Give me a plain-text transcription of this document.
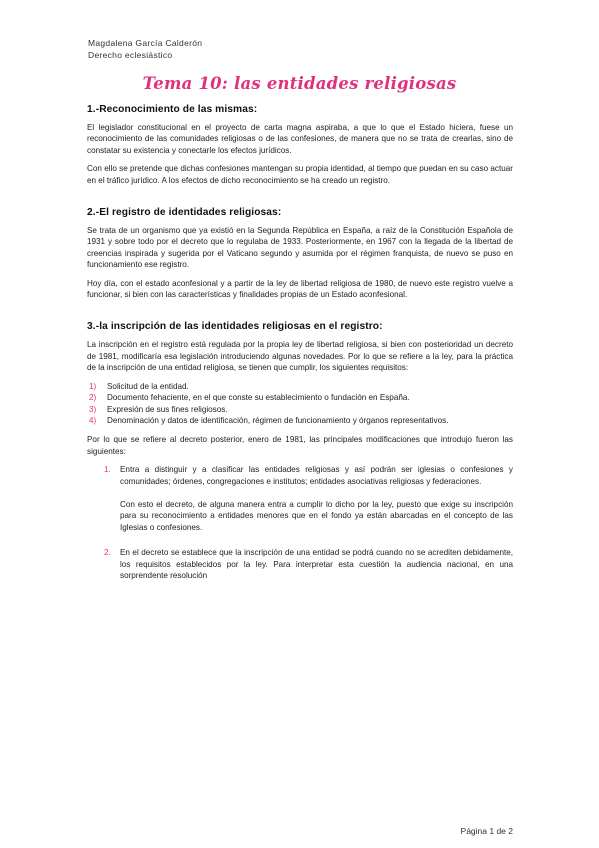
Magdalena García Calderón
Derecho eclesiástico
Tema 10: las entidades religiosas
1.-Reconocimiento de las mismas:

El legislador constitucional en el proyecto de carta magna aspiraba, a que lo que el Estado hiciera, fuese un reconocimiento de las comunidades religiosas o de las confesiones, de manera que no se trata de crearlas, sino de constatar su existencia y conectarle los efectos jurídicos.

Con ello se pretende que dichas confesiones mantengan su propia identidad, al tiempo que puedan en su caso actuar en el tráfico jurídico. A los efectos de dicho reconocimiento se ha creado un registro.

2.-El registro de identidades religiosas:

Se trata de un organismo que ya existió en la Segunda República en España, a raíz de la Constitución Española de 1931 y sobre todo por el decreto que lo regulaba de 1933. Posteriormente, en 1967 con la llegada de la libertad de creencias inspirada y sugerida por el Vaticano segundo y asumida por el régimen franquista, de nuevo se puso en funcionamiento ese registro.

Hoy día, con el estado aconfesional y a partir de la ley de libertad religiosa de 1980, de nuevo este registro vuelve a funcionar, si bien con las características y finalidades propias de un Estado aconfesional.

3.-la inscripción de las identidades religiosas en el registro:

La inscripción en el registro está regulada por la propia ley de libertad religiosa, si bien con posterioridad un decreto de 1981, modificaría esa legislación introduciendo algunas novedades. Por lo que se refiere a la ley, para la práctica de la inscripción de una entidad religiosa, se tienen que cumplir, los siguientes requisitos:

1) Solicitud de la entidad.
2) Documento fehaciente, en el que conste su establecimiento o fundación en España.
3) Expresión de sus fines religiosos.
4) Denominación y datos de identificación, régimen de funcionamiento y órganos representativos.

Por lo que se refiere al decreto posterior, enero de 1981, las principales modificaciones que introdujo fueron las siguientes:

1. Entra a distinguir y a clasificar las entidades religiosas y así podrán ser iglesias o confesiones y comunidades; órdenes, congregaciones e institutos; entidades asociativas religiosas y federaciones.

Con esto el decreto, de alguna manera entra a cumplir lo dicho por la ley, puesto que exige su inscripción para su reconocimiento a entidades menores que en el fondo ya están abarcadas en el concepto de las Iglesias o confesiones.

2. En el decreto se establece que la inscripción de una entidad se podrá cuando no se acrediten debidamente, los requisitos establecidos por la ley. Para interpretar esta cuestión la audiencia nacional, en una sorprendente resolución
Página 1 de 2
